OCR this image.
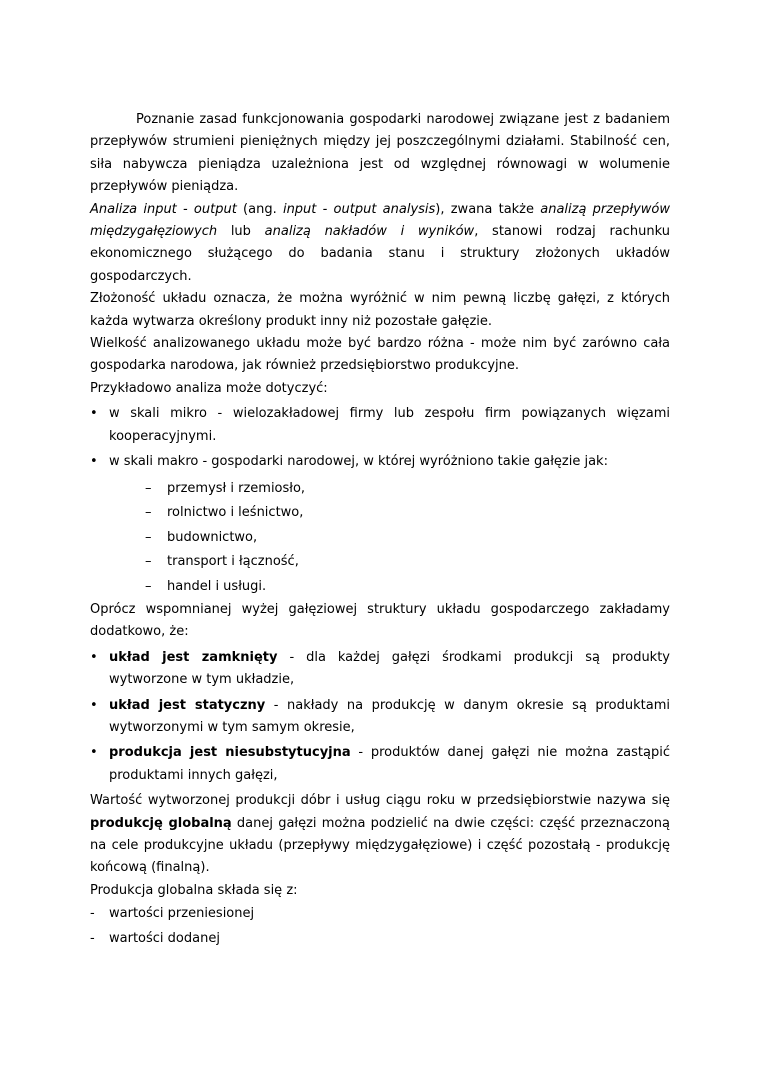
Poznanie zasad funkcjonowania gospodarki narodowej związane jest z badaniem przepływów strumieni pieniężnych między jej poszczególnymi działami. Stabilność cen, siła nabywcza pieniądza uzależniona jest od względnej równowagi w wolumenie przepływów pieniądza.

Analiza input - output (ang. input - output analysis), zwana także analizą przepływów międzygałęziowych lub analizą nakładów i wyników, stanowi rodzaj rachunku ekonomicznego służącego do badania stanu i struktury złożonych układów gospodarczych.

Złożoność układu oznacza, że można wyróżnić w nim pewną liczbę gałęzi, z których każda wytwarza określony produkt inny niż pozostałe gałęzie.

Wielkość analizowanego układu może być bardzo różna - może nim być zarówno cała gospodarka narodowa, jak również przedsiębiorstwo produkcyjne.

Przykładowo analiza może dotyczyć:

• w skali mikro - wielozakładowej firmy lub zespołu firm powiązanych więzami kooperacyjnymi.
• w skali makro - gospodarki narodowej, w której wyróżniono takie gałęzie jak:
– przemysł i rzemiosło,
– rolnictwo i leśnictwo,
– budownictwo,
– transport i łączność,
– handel i usługi.

Oprócz wspomnianej wyżej gałęziowej struktury układu gospodarczego zakładamy dodatkowo, że:

• układ jest zamknięty - dla każdej gałęzi środkami produkcji są produkty wytworzone w tym układzie,
• układ jest statyczny - nakłady na produkcję w danym okresie są produktami wytworzonymi w tym samym okresie,
• produkcja jest niesubstytucyjna - produktów danej gałęzi nie można zastąpić produktami innych gałęzi,

Wartość wytworzonej produkcji dóbr i usług ciągu roku w przedsiębiorstwie nazywa się produkcję globalną danej gałęzi można podzielić na dwie części: część przeznaczoną na cele produkcyjne układu (przepływy międzygałęziowe) i część pozostałą - produkcję końcową (finalną).

Produkcja globalna składa się z:

- wartości przeniesionej
- wartości dodanej
